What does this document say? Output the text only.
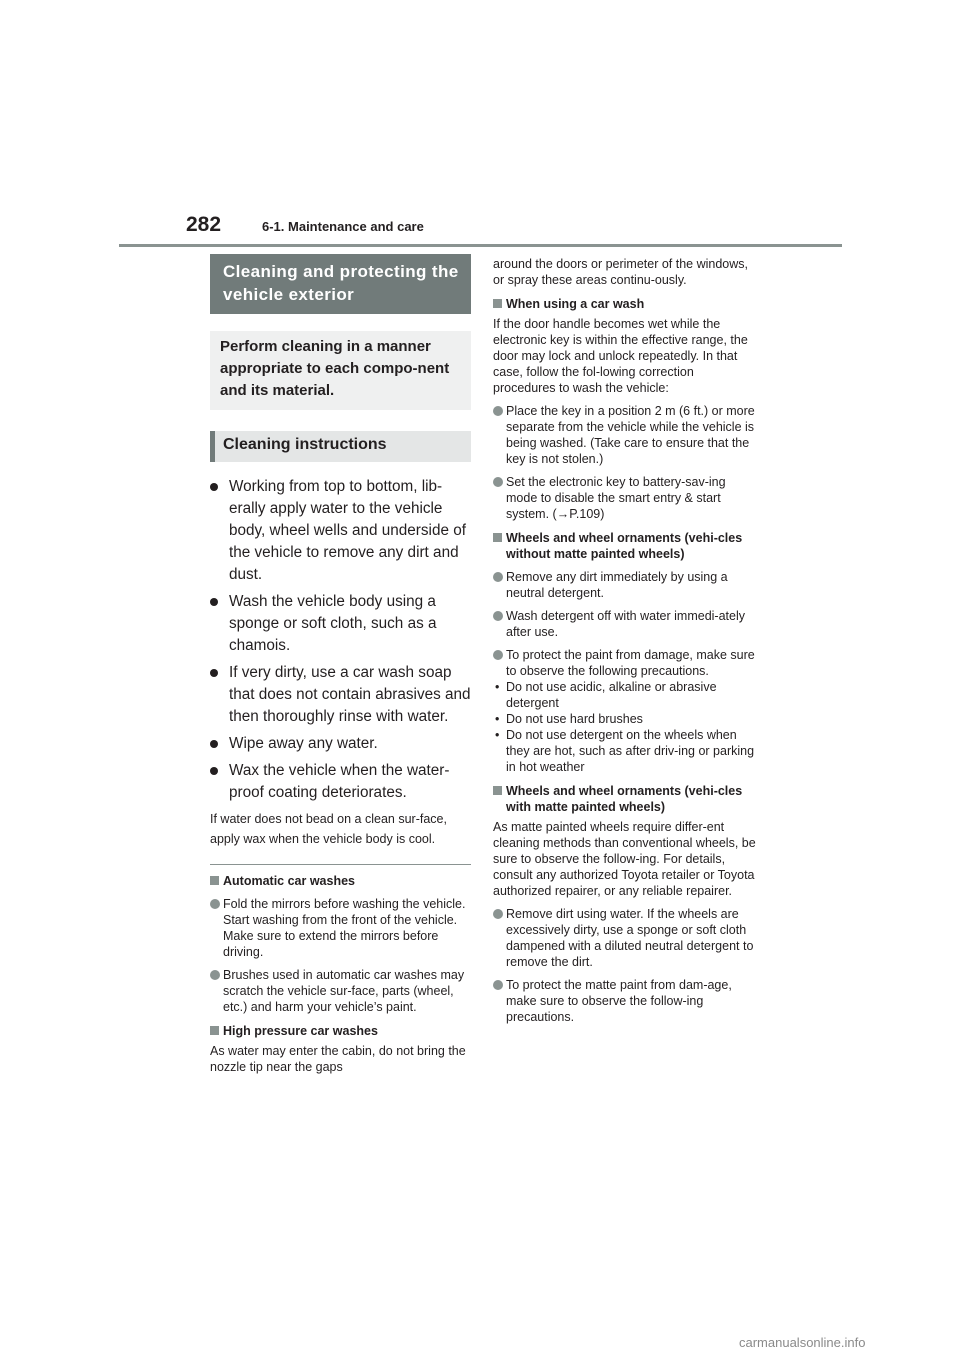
282	6-1. Maintenance and care
Cleaning and protecting the vehicle exterior
Perform cleaning in a manner appropriate to each compo-nent and its material.
Cleaning instructions
Working from top to bottom, lib-erally apply water to the vehicle body, wheel wells and underside of the vehicle to remove any dirt and dust.
Wash the vehicle body using a sponge or soft cloth, such as a chamois.
If very dirty, use a car wash soap that does not contain abrasives and then thoroughly rinse with water.
Wipe away any water.
Wax the vehicle when the water-proof coating deteriorates.
If water does not bead on a clean sur-face, apply wax when the vehicle body is cool.
Automatic car washes
Fold the mirrors before washing the vehicle. Start washing from the front of the vehicle. Make sure to extend the mirrors before driving.
Brushes used in automatic car washes may scratch the vehicle sur-face, parts (wheel, etc.) and harm your vehicle’s paint.
High pressure car washes
As water may enter the cabin, do not bring the nozzle tip near the gaps
around the doors or perimeter of the windows, or spray these areas continu-ously.
When using a car wash
If the door handle becomes wet while the electronic key is within the effective range, the door may lock and unlock repeatedly. In that case, follow the fol-lowing correction procedures to wash the vehicle:
Place the key in a position 2 m (6 ft.) or more separate from the vehicle while the vehicle is being washed. (Take care to ensure that the key is not stolen.)
Set the electronic key to battery-sav-ing mode to disable the smart entry & start system. (→P.109)
Wheels and wheel ornaments (vehi-cles without matte painted wheels)
Remove any dirt immediately by using a neutral detergent.
Wash detergent off with water immedi-ately after use.
To protect the paint from damage, make sure to observe the following precautions.
• Do not use acidic, alkaline or abrasive detergent
• Do not use hard brushes
• Do not use detergent on the wheels when they are hot, such as after driv-ing or parking in hot weather
Wheels and wheel ornaments (vehi-cles with matte painted wheels)
As matte painted wheels require differ-ent cleaning methods than conventional wheels, be sure to observe the follow-ing. For details, consult any authorized Toyota retailer or Toyota authorized repairer, or any reliable repairer.
Remove dirt using water. If the wheels are excessively dirty, use a sponge or soft cloth dampened with a diluted neutral detergent to remove the dirt.
To protect the matte paint from dam-age, make sure to observe the follow-ing precautions.
carmanualsonline.info
